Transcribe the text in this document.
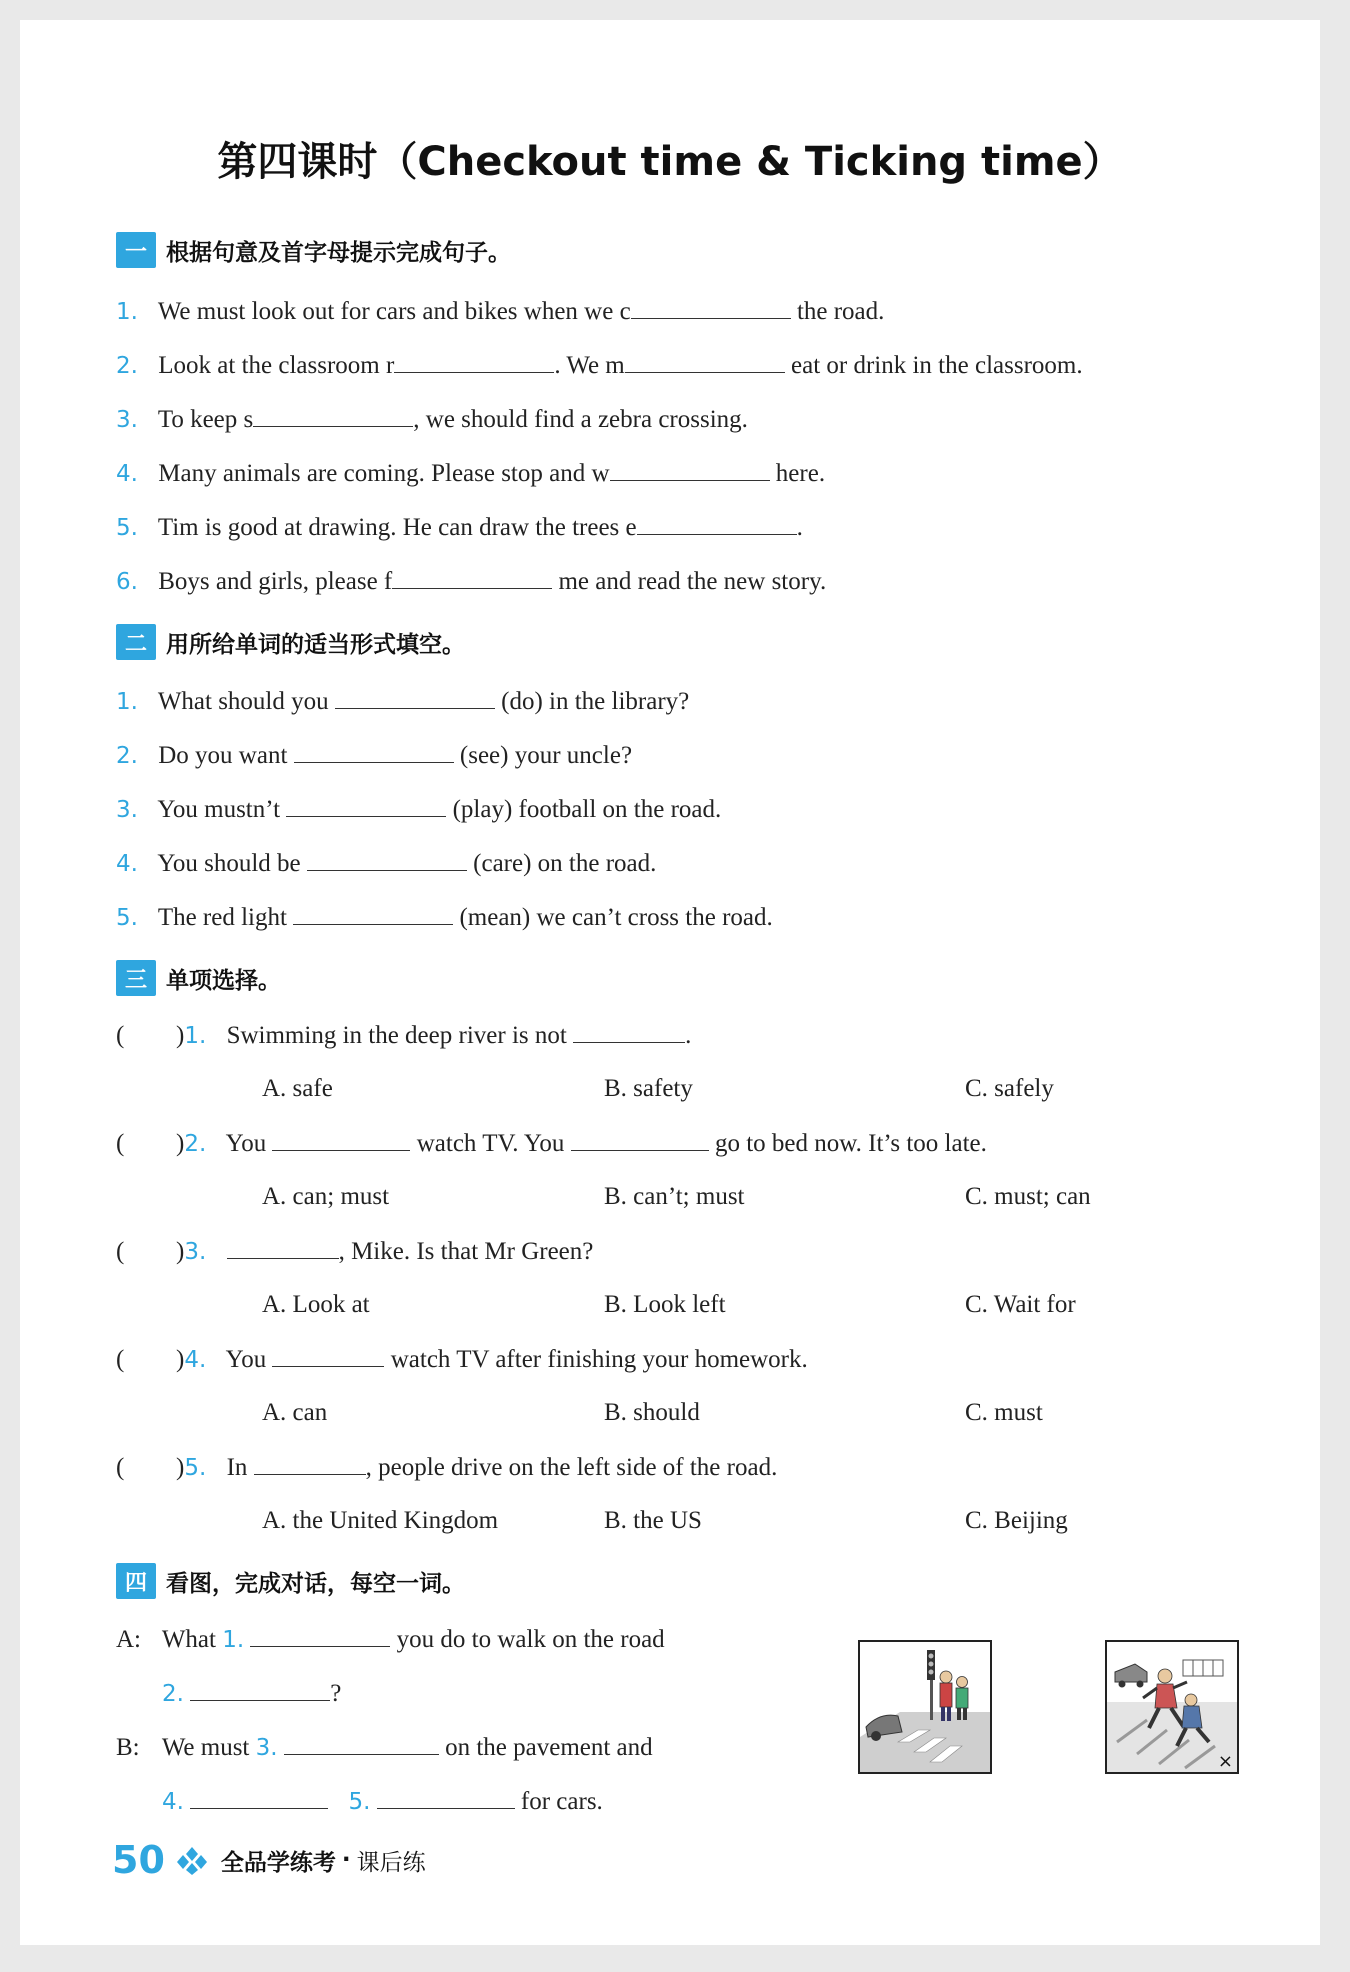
第四课时（Checkout time & Ticking time）
一 根据句意及首字母提示完成句子。
1. We must look out for cars and bikes when we c	the road.
2. Look at the classroom r	. We m	eat or drink in the classroom.
3. To keep s	, we should find a zebra crossing.
4. Many animals are coming. Please stop and w	here.
5. Tim is good at drawing. He can draw the trees e	.
6. Boys and girls, please f	me and read the new story.
二 用所给单词的适当形式填空。
1. What should you	(do) in the library?
2. Do you want	(see) your uncle?
3. You mustn’t	(play) football on the road.
4. You should be	(care) on the road.
5. The red light	(mean) we can’t cross the road.
三 单项选择。
( )1. Swimming in the deep river is not	.
A. safe	B. safety	C. safely
( )2. You	watch TV. You	go to bed now. It’s too late.
A. can; must	B. can’t; must	C. must; can
( )3.	, Mike. Is that Mr Green?
A. Look at	B. Look left	C. Wait for
( )4. You	watch TV after finishing your homework.
A. can	B. should	C. must
( )5. In	, people drive on the left side of the road.
A. the United Kingdom	B. the US	C. Beijing
四 看图，完成对话，每空一词。
A: What 1.	you do to walk on the road
2.	?
B: We must 3.	on the pavement and
4.	5.	for cars.
×
50 全品学练考 · 课后练
